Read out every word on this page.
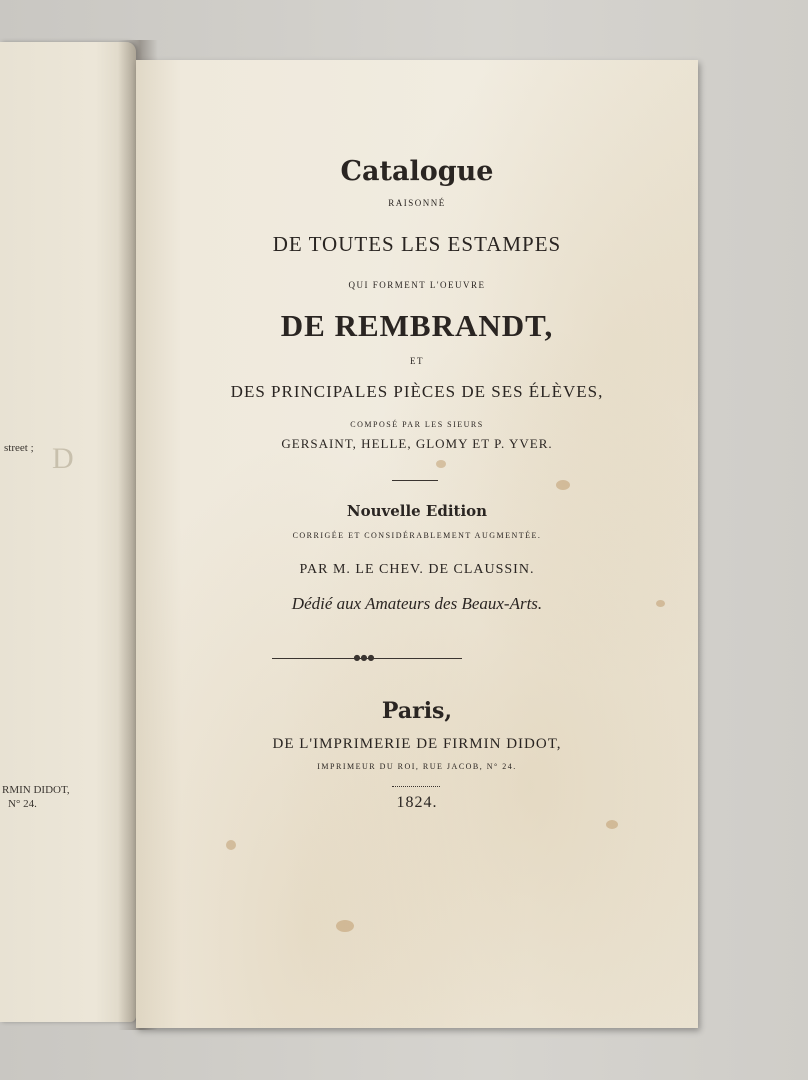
D
street ;
RMIN DIDOT,
N° 24.
Catalogue
RAISONNÉ
DE TOUTES LES ESTAMPES
QUI FORMENT L'OEUVRE
DE REMBRANDT,
ET
DES PRINCIPALES PIÈCES DE SES ÉLÈVES,
COMPOSÉ PAR LES SIEURS
GERSAINT, HELLE, GLOMY ET P. YVER.
Nouvelle Edition
CORRIGÉE ET CONSIDÉRABLEMENT AUGMENTÉE.
PAR M. LE CHEV. DE CLAUSSIN.
Dédié aux Amateurs des Beaux-Arts.
●●●
Paris,
DE L'IMPRIMERIE DE FIRMIN DIDOT,
IMPRIMEUR DU ROI, RUE JACOB, N° 24.
1824.
